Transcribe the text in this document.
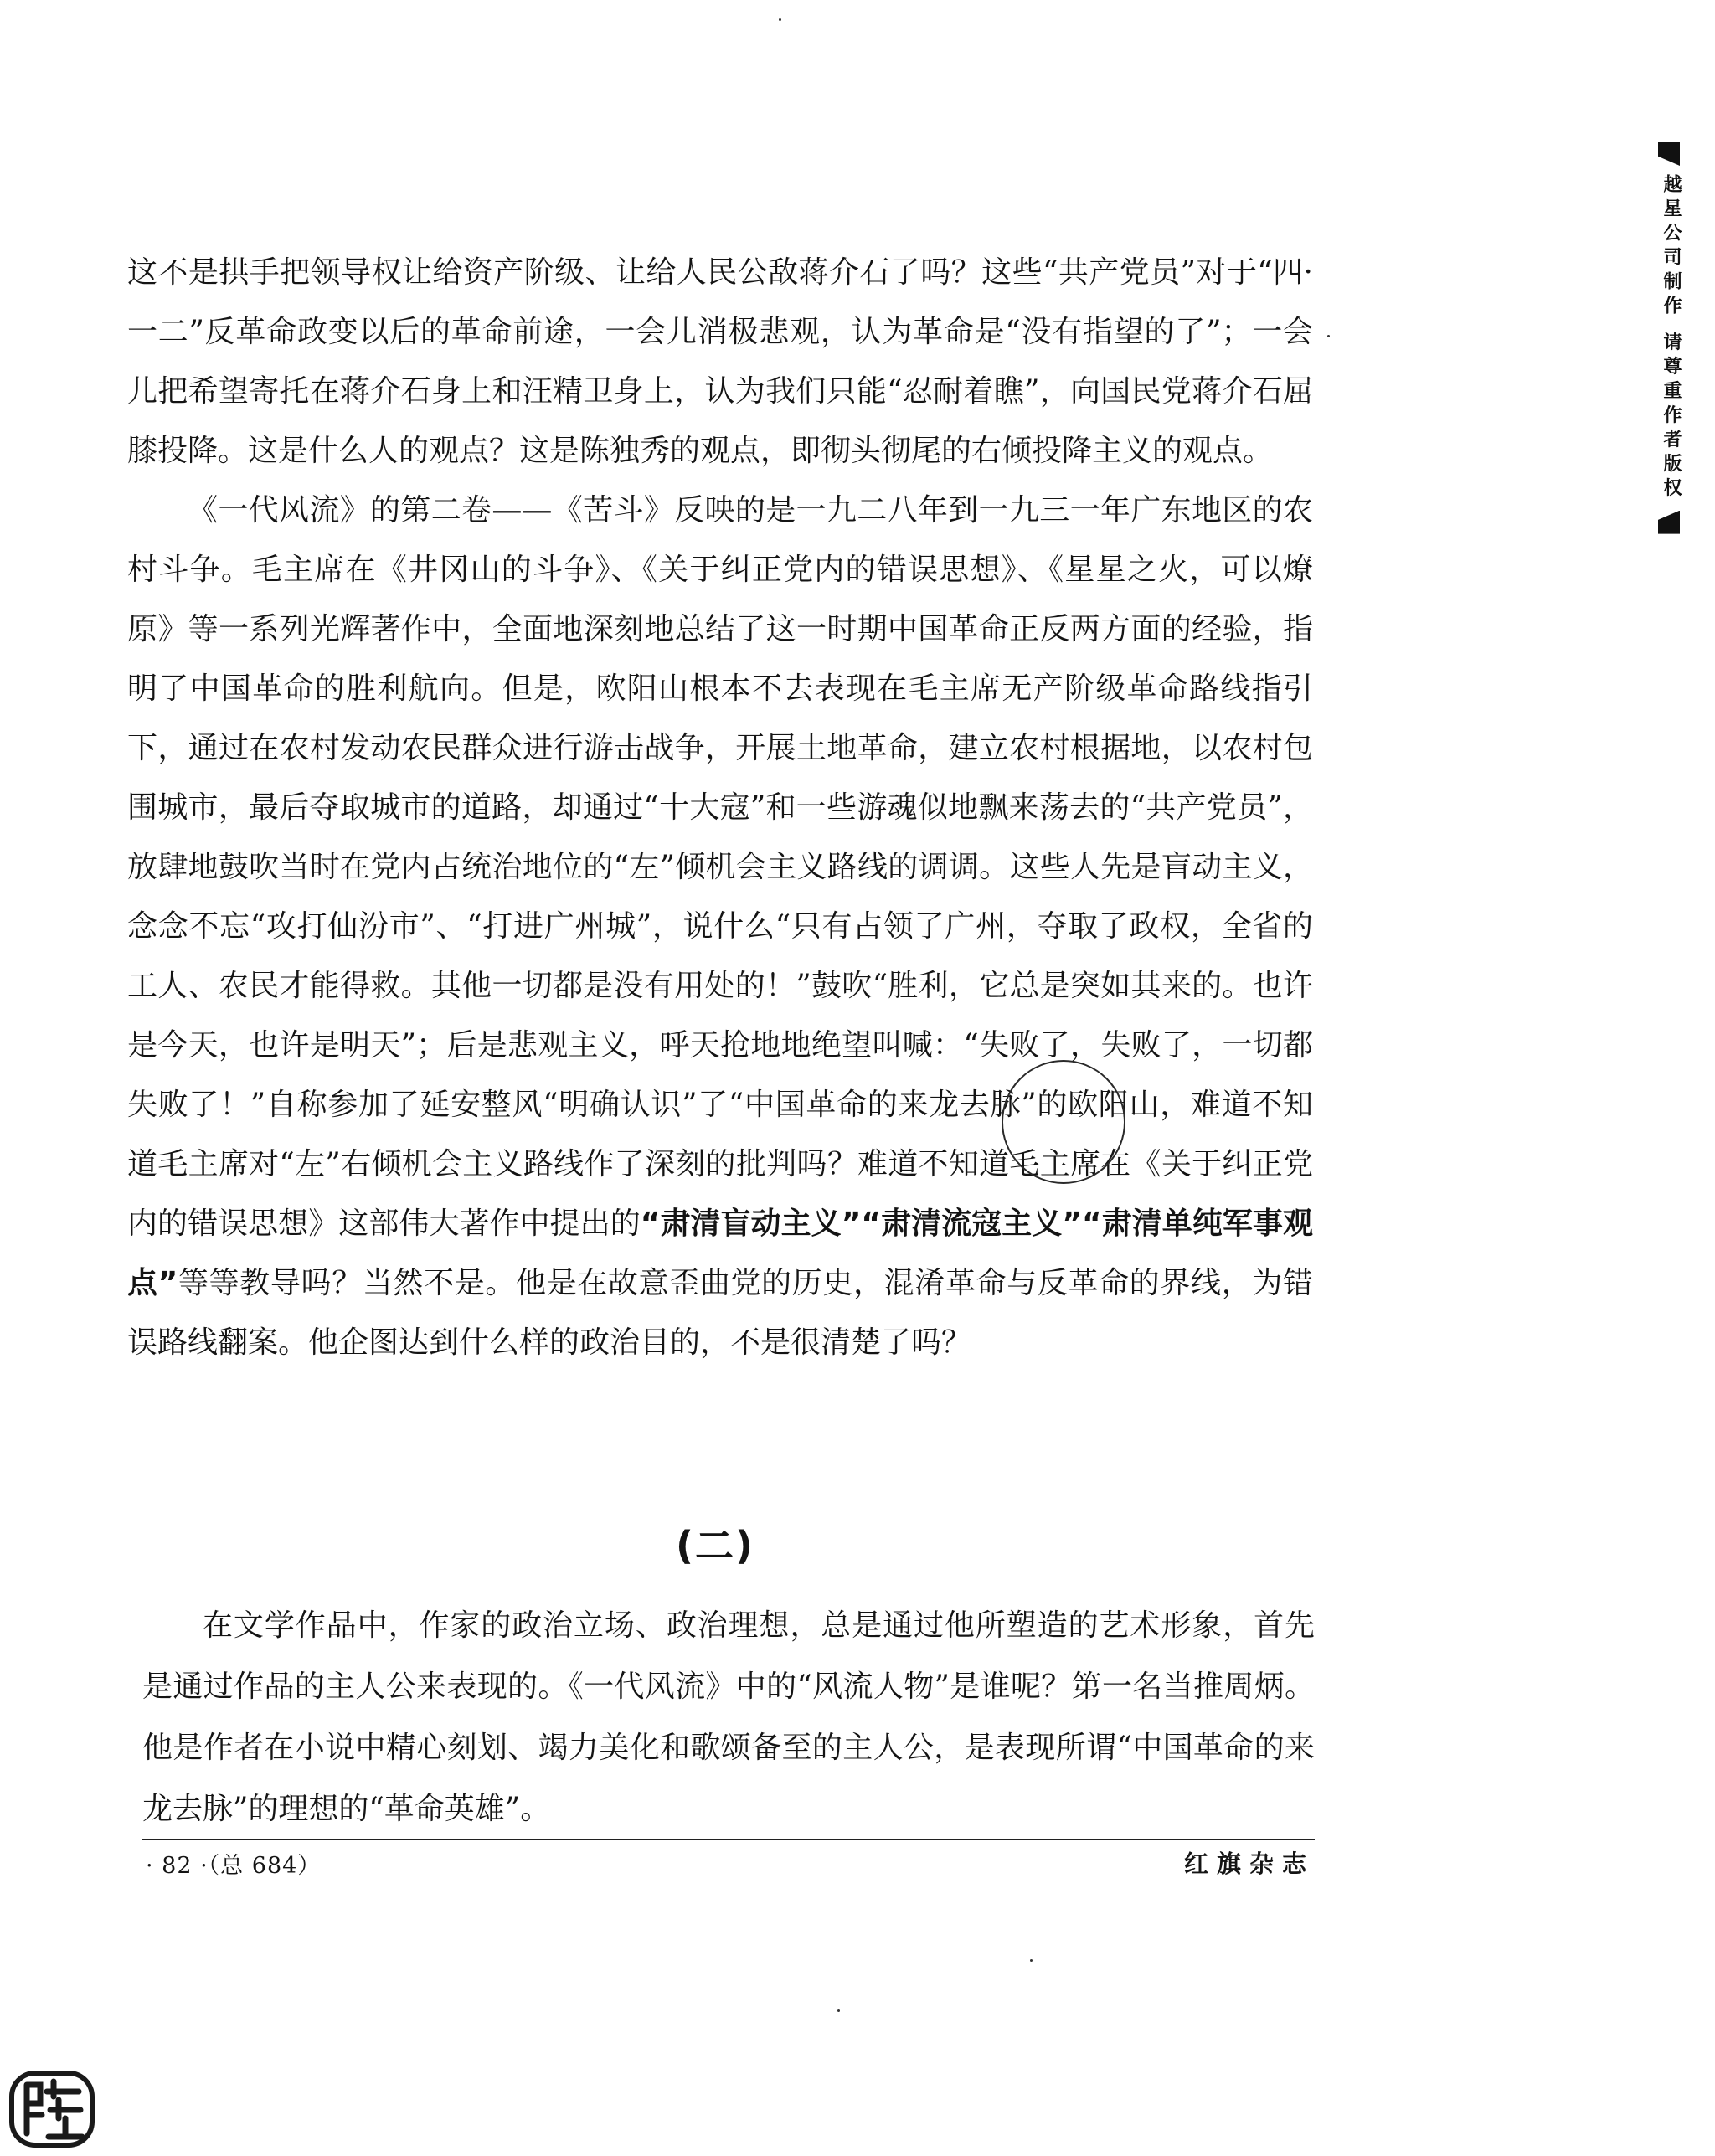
这不是拱手把领导权让给资产阶级、让给人民公敌蒋介石了吗？这些“共产党员”对于“四·一二”反革命政变以后的革命前途，一会儿消极悲观，认为革命是“没有指望的了”；一会儿把希望寄托在蒋介石身上和汪精卫身上，认为我们只能“忍耐着瞧”，向国民党蒋介石屈膝投降。这是什么人的观点？这是陈独秀的观点，即彻头彻尾的右倾投降主义的观点。

《一代风流》的第二卷——《苦斗》反映的是一九二八年到一九三一年广东地区的农村斗争。毛主席在《井冈山的斗争》、《关于纠正党内的错误思想》、《星星之火，可以燎原》等一系列光辉著作中，全面地深刻地总结了这一时期中国革命正反两方面的经验，指明了中国革命的胜利航向。但是，欧阳山根本不去表现在毛主席无产阶级革命路线指引下，通过在农村发动农民群众进行游击战争，开展土地革命，建立农村根据地，以农村包围城市，最后夺取城市的道路，却通过“十大寇”和一些游魂似地飘来荡去的“共产党员”，放肆地鼓吹当时在党内占统治地位的“左”倾机会主义路线的调调。这些人先是盲动主义，念念不忘“攻打仙汾市”、“打进广州城”，说什么“只有占领了广州，夺取了政权，全省的工人、农民才能得救。其他一切都是没有用处的！”鼓吹“胜利，它总是突如其来的。也许是今天，也许是明天”；后是悲观主义，呼天抢地地绝望叫喊：“失败了，失败了，一切都失败了！”自称参加了延安整风“明确认识”了“中国革命的来龙去脉”的欧阳山，难道不知道毛主席对“左”右倾机会主义路线作了深刻的批判吗？难道不知道毛主席在《关于纠正党内的错误思想》这部伟大著作中提出的“肃清盲动主义”“肃清流寇主义”“肃清单纯军事观点”等等教导吗？当然不是。他是在故意歪曲党的历史，混淆革命与反革命的界线，为错误路线翻案。他企图达到什么样的政治目的，不是很清楚了吗？

(二)

在文学作品中，作家的政治立场、政治理想，总是通过他所塑造的艺术形象，首先是通过作品的主人公来表现的。《一代风流》中的“风流人物”是谁呢？第一名当推周炳。他是作者在小说中精心刻划、竭力美化和歌颂备至的主人公，是表现所谓“中国革命的来龙去脉”的理想的“革命英雄”。

· 82 ·（总 684）	红旗杂志
越星公司制作 请尊重作者版权
